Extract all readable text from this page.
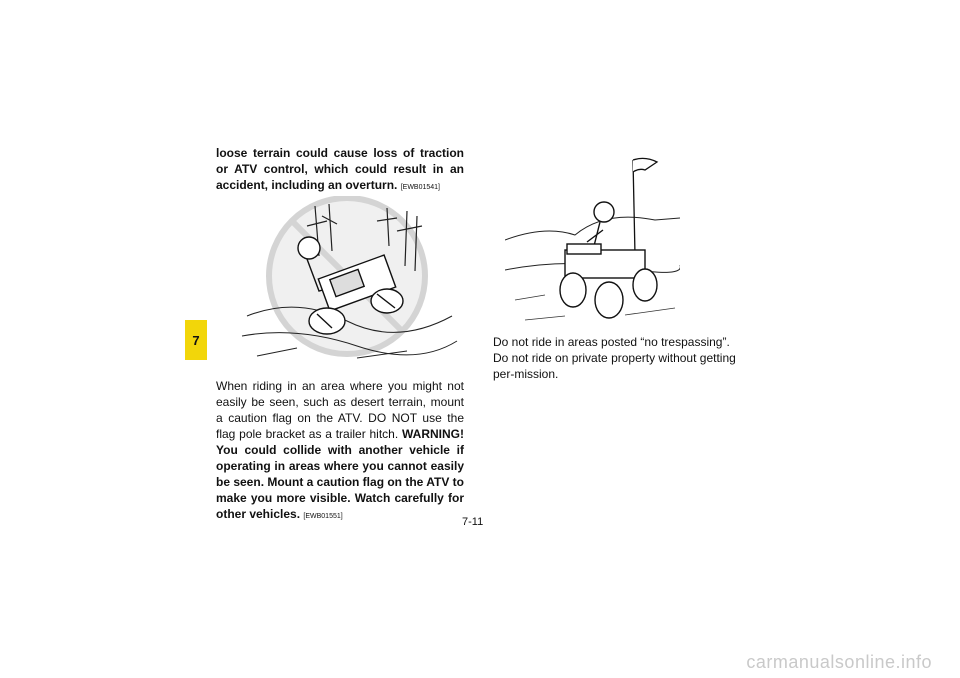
7

loose terrain could cause loss of traction or ATV control, which could result in an accident, including an overturn. [EWB01541]

When riding in an area where you might not easily be seen, such as desert terrain, mount a caution flag on the ATV. DO NOT use the flag pole bracket as a trailer hitch. WARNING! You could collide with another vehicle if operating in areas where you cannot easily be seen. Mount a caution flag on the ATV to make you more visible. Watch carefully for other vehicles. [EWB01551]

Do not ride in areas posted “no trespassing”.

Do not ride on private property without getting per-mission.

7-11
carmanualsonline.info
